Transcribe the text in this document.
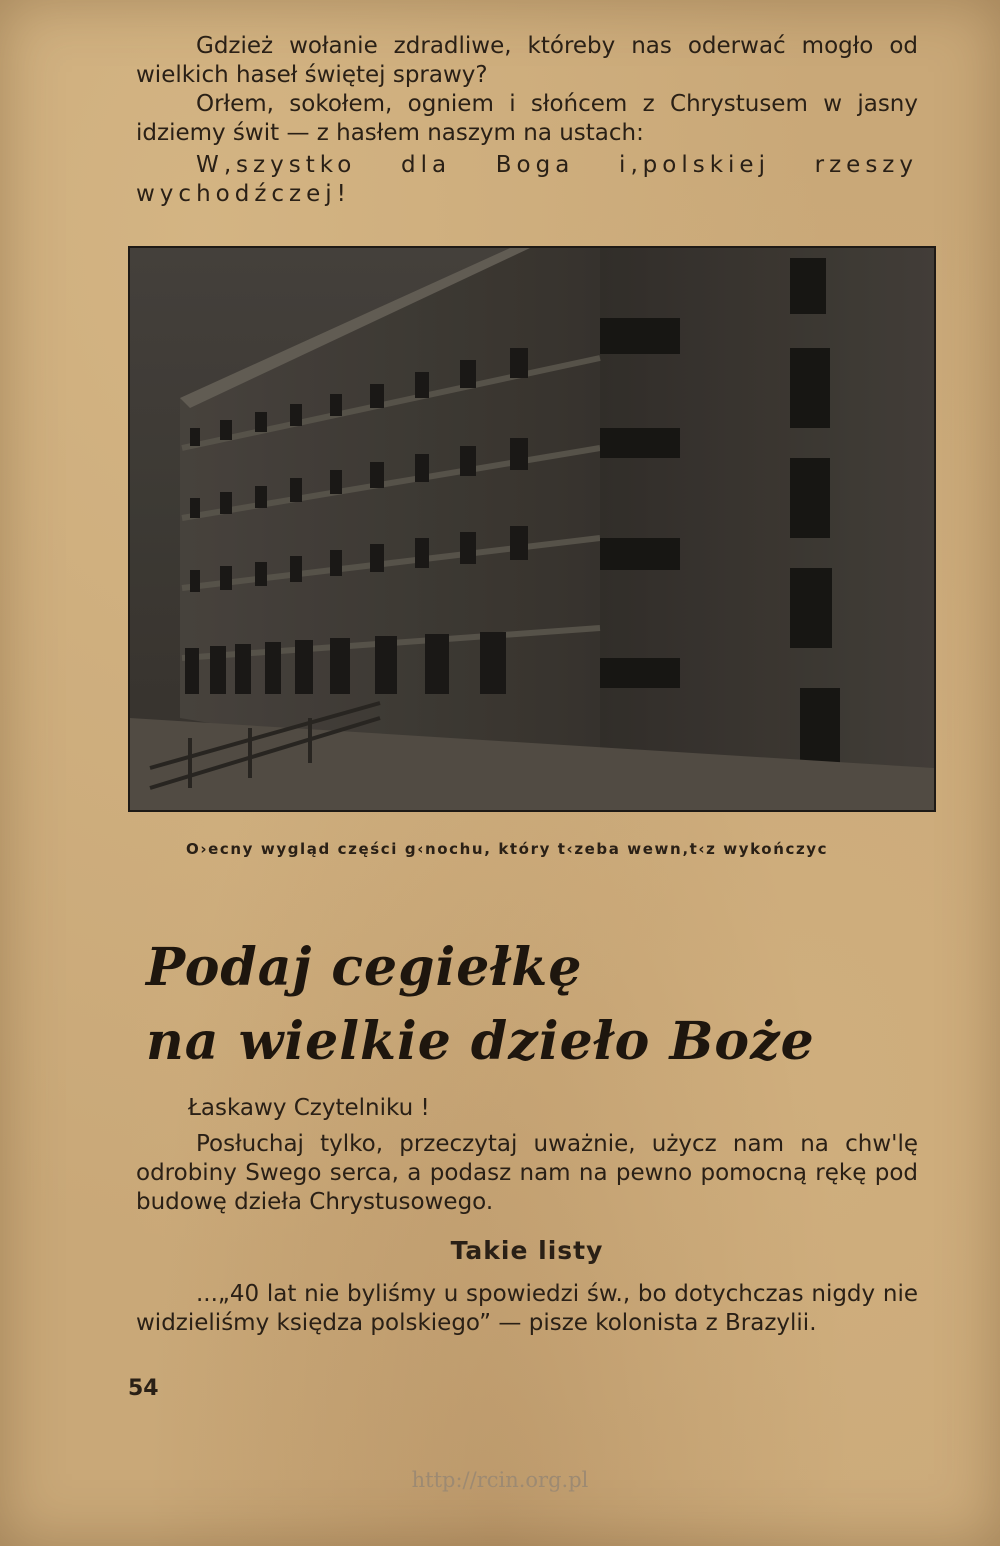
Gdzież wołanie zdradliwe, któreby nas oderwać mogło od wielkich haseł świętej sprawy?

Orłem, sokołem, ogniem i słońcem z Chrystusem w jasny idziemy świt — z hasłem naszym na ustach:

W‚szystko dla Boga i‚polskiej rzeszy wychodźczej!

O›ecny wygląd części g‹nochu, który t‹zeba wewn‚t‹z wykończyc

Podaj cegiełkę

na wielkie dzieło Boże

Łaskawy Czytelniku !

Posłuchaj tylko, przeczytaj uważnie, użycz nam na chw'lę odrobiny Swego serca, a podasz nam na pewno pomocną rękę pod budowę dzieła Chrystusowego.

Takie listy

...„40 lat nie byliśmy u spowiedzi św., bo dotychczas nigdy nie widzieliśmy księdza polskiego” — pisze kolonista z Brazylii.

54

http://rcin.org.pl
